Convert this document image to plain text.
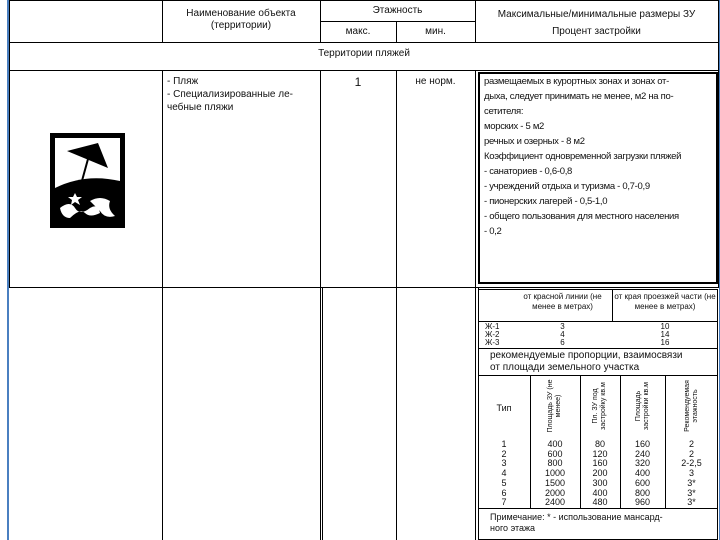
Наименование объекта (территории)
Этажность
макс.	мин.
Максимальные/минимальные размеры ЗУ
Процент застройки
Территории пляжей
- Пляж
- Специализированные ле-
чебные пляжи
1	не норм.
от красной линии (не менее в метрах)
от края проезжей части (не менее в метрах)
рекомендуемые пропорции, взаимосвязи
от площади земельного участка
Примечание: * - использование мансард-
ного этажа
размещаемых в курортных зонах и зонах от-
дыха, следует принимать не менее, м2 на по-
сетителя:
морских - 5 м2
речных и озерных - 8 м2
Коэффициент одновременной загрузки пляжей
- санаториев - 0,6-0,8
- учреждений отдыха и туризма - 0,7-0,9
- пионерских лагерей - 0,5-1,0
- общего пользования для местного населения
- 0,2
Ж-1	3	10
Ж-2	4	14
Ж-3	6	16
Тип	Площадь ЗУ (не менее)	Пл. ЗУ под застройку кв.м	Площадь застройки кв.м	Рекомендуемая этажность
1	400	80	160	2
2	600	120	240	2
3	800	160	320	2-2,5
4	1000	200	400	3
5	1500	300	600	3*
6	2000	400	800	3*
7	2400	480	960	3*
